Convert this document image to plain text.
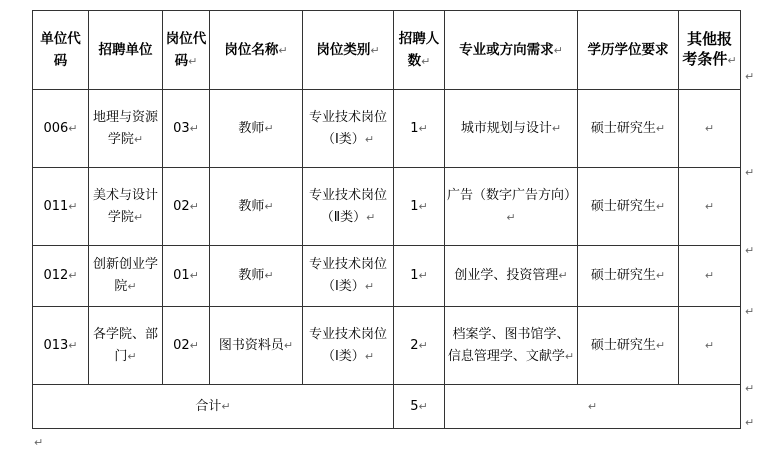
单位代码	招聘单位	岗位代码↵	岗位名称↵	岗位类别↵	招聘人数↵	专业或方向需求↵	学历学位要求	其他报考条件↵
006↵	地理与资源学院↵	03↵	教师↵	专业技术岗位（Ⅰ类）↵	1↵	城市规划与设计↵	硕士研究生↵	↵
011↵	美术与设计学院↵	02↵	教师↵	专业技术岗位（Ⅱ类）↵	1↵	广告（数字广告方向）↵	硕士研究生↵	↵
012↵	创新创业学院↵	01↵	教师↵	专业技术岗位（Ⅰ类）↵	1↵	创业学、投资管理↵	硕士研究生↵	↵
013↵	各学院、部门↵	02↵	图书资料员↵	专业技术岗位（Ⅰ类）↵	2↵	档案学、图书馆学、信息管理学、文献学↵	硕士研究生↵	↵
合计↵					5↵	↵		
↵
↵
↵
↵
↵
↵
↵
